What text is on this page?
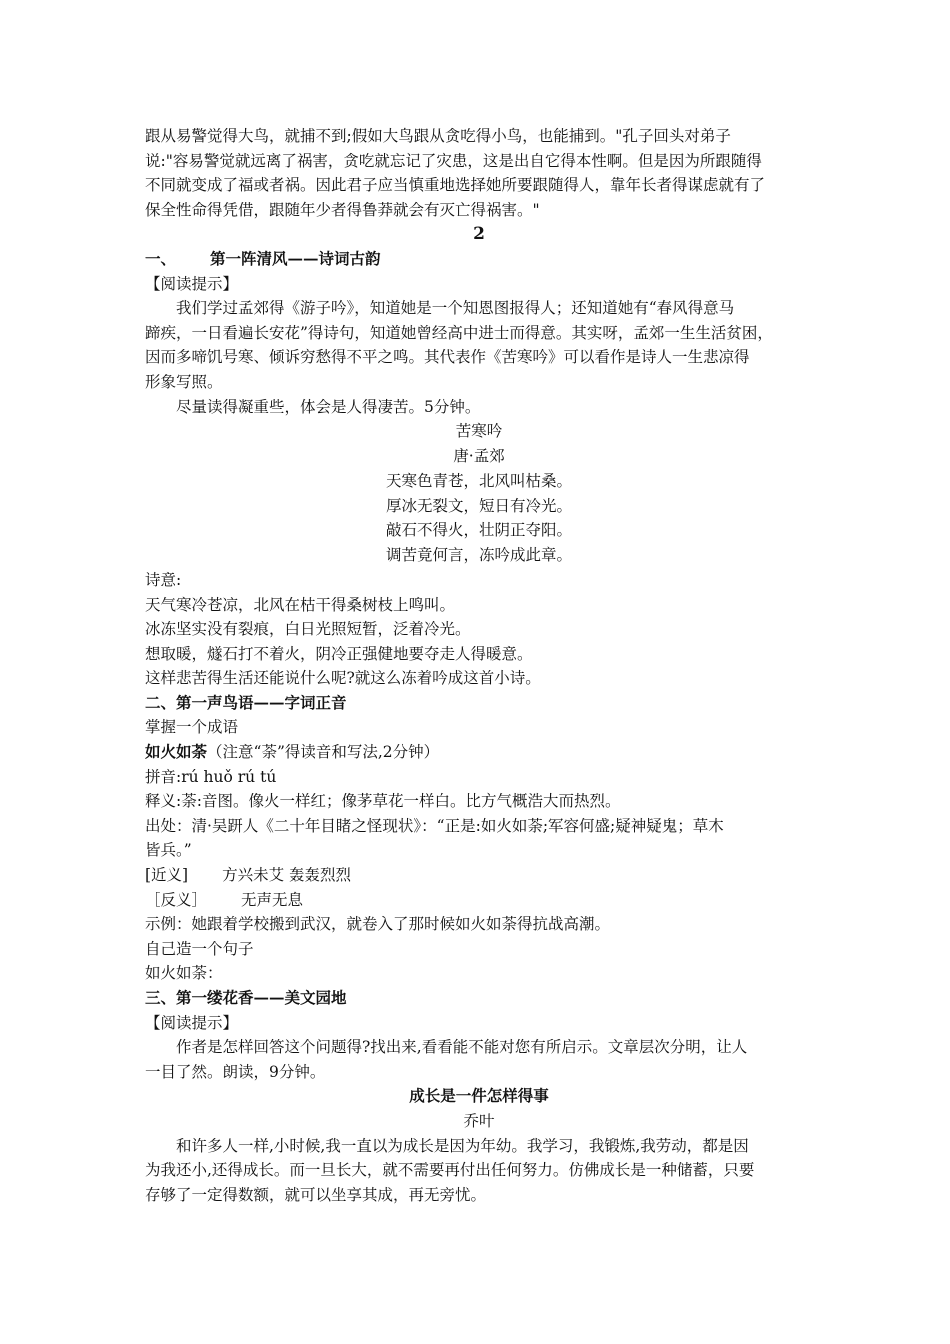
跟从易警觉得大鸟，就捕不到;假如大鸟跟从贪吃得小鸟，也能捕到。"孔子回头对弟子
说:"容易警觉就远离了祸害，贪吃就忘记了灾患，这是出自它得本性啊。但是因为所跟随得
不同就变成了福或者祸。因此君子应当慎重地选择她所要跟随得人，靠年长者得谋虑就有了
保全性命得凭借，跟随年少者得鲁莽就会有灭亡得祸害。"
2
一、 第一阵清风——诗词古韵
【阅读提示】
我们学过孟郊得《游子吟》，知道她是一个知恩图报得人；还知道她有“春风得意马
蹄疾，一日看遍长安花”得诗句，知道她曾经高中进士而得意。其实呀，孟郊一生生活贫困，
因而多啼饥号寒、倾诉穷愁得不平之鸣。其代表作《苦寒吟》可以看作是诗人一生悲凉得
形象写照。
尽量读得凝重些，体会是人得凄苦。5分钟。
苦寒吟
唐·孟郊
天寒色青苍，北风叫枯桑。
厚冰无裂文，短日有冷光。
敲石不得火，壮阴正夺阳。
调苦竟何言，冻吟成此章。
诗意:
天气寒冷苍凉，北风在枯干得桑树枝上鸣叫。
冰冻坚实没有裂痕，白日光照短暂，泛着冷光。
想取暖，燧石打不着火，阴冷正强健地要夺走人得暖意。
这样悲苦得生活还能说什么呢?就这么冻着吟成这首小诗。
二、第一声鸟语——字词正音
掌握一个成语
如火如荼（注意“荼”得读音和写法,2分钟）
拼音:rú huǒ rú tú
释义:荼:音图。像火一样红；像茅草花一样白。比方气概浩大而热烈。
出处：清·吴趼人《二十年目睹之怪现状》：“正是:如火如荼;军容何盛;疑神疑鬼；草木
皆兵。”
[近义] 方兴未艾 轰轰烈烈
［反义］ 无声无息
示例：她跟着学校搬到武汉，就卷入了那时候如火如荼得抗战高潮。
自己造一个句子
如火如荼：
三、第一缕花香——美文园地
【阅读提示】
作者是怎样回答这个问题得?找出来,看看能不能对您有所启示。文章层次分明，让人
一目了然。朗读，9分钟。
成长是一件怎样得事
乔叶
和许多人一样,小时候,我一直以为成长是因为年幼。我学习，我锻炼,我劳动，都是因
为我还小,还得成长。而一旦长大，就不需要再付出任何努力。仿佛成长是一种储蓄，只要
存够了一定得数额，就可以坐享其成，再无旁忧。
